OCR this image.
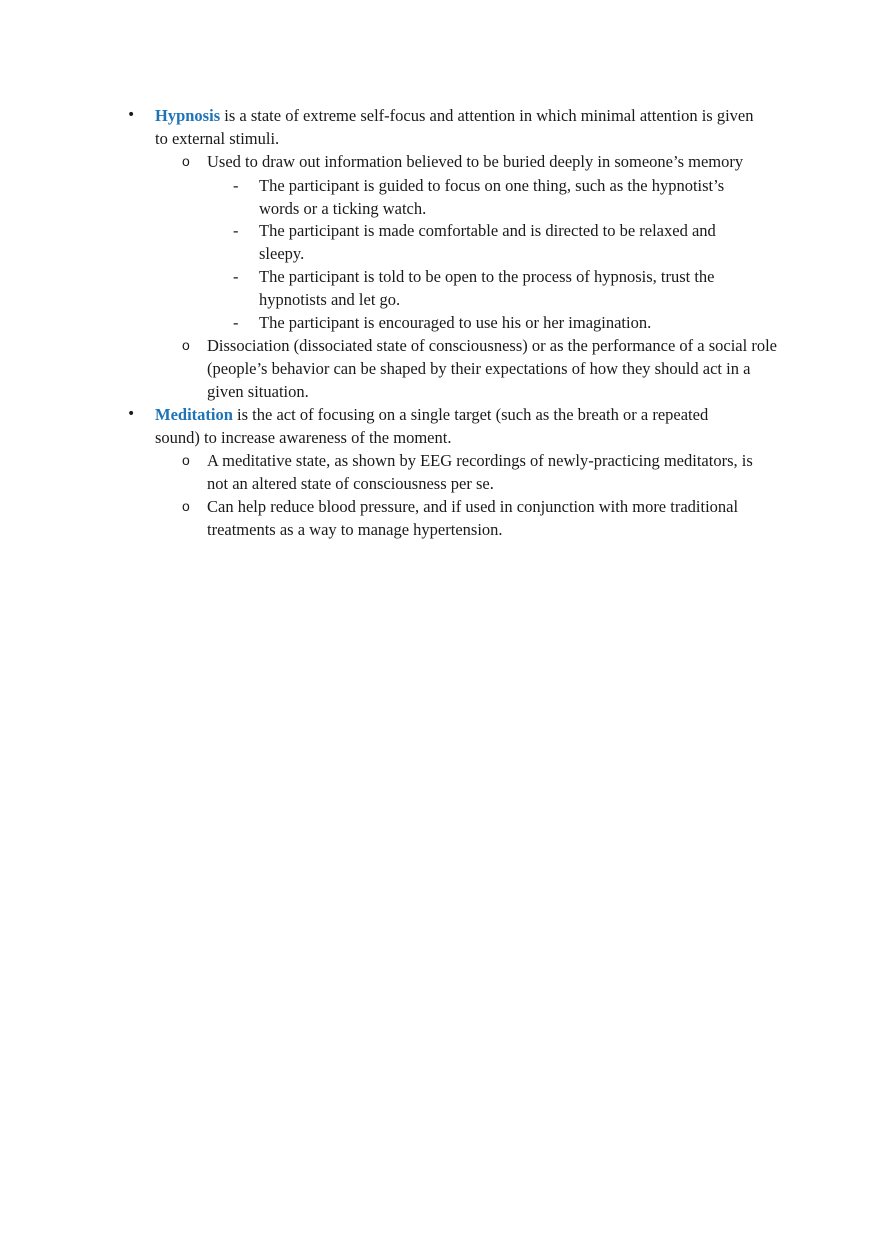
• Hypnosis is a state of extreme self-focus and attention in which minimal attention is given to external stimuli.
o Used to draw out information believed to be buried deeply in someone’s memory
- The participant is guided to focus on one thing, such as the hypnotist’s words or a ticking watch.
- The participant is made comfortable and is directed to be relaxed and sleepy.
- The participant is told to be open to the process of hypnosis, trust the hypnotists and let go.
- The participant is encouraged to use his or her imagination.
o Dissociation (dissociated state of consciousness) or as the performance of a social role (people’s behavior can be shaped by their expectations of how they should act in a given situation.
• Meditation is the act of focusing on a single target (such as the breath or a repeated sound) to increase awareness of the moment.
o A meditative state, as shown by EEG recordings of newly-practicing meditators, is not an altered state of consciousness per se.
o Can help reduce blood pressure, and if used in conjunction with more traditional treatments as a way to manage hypertension.
